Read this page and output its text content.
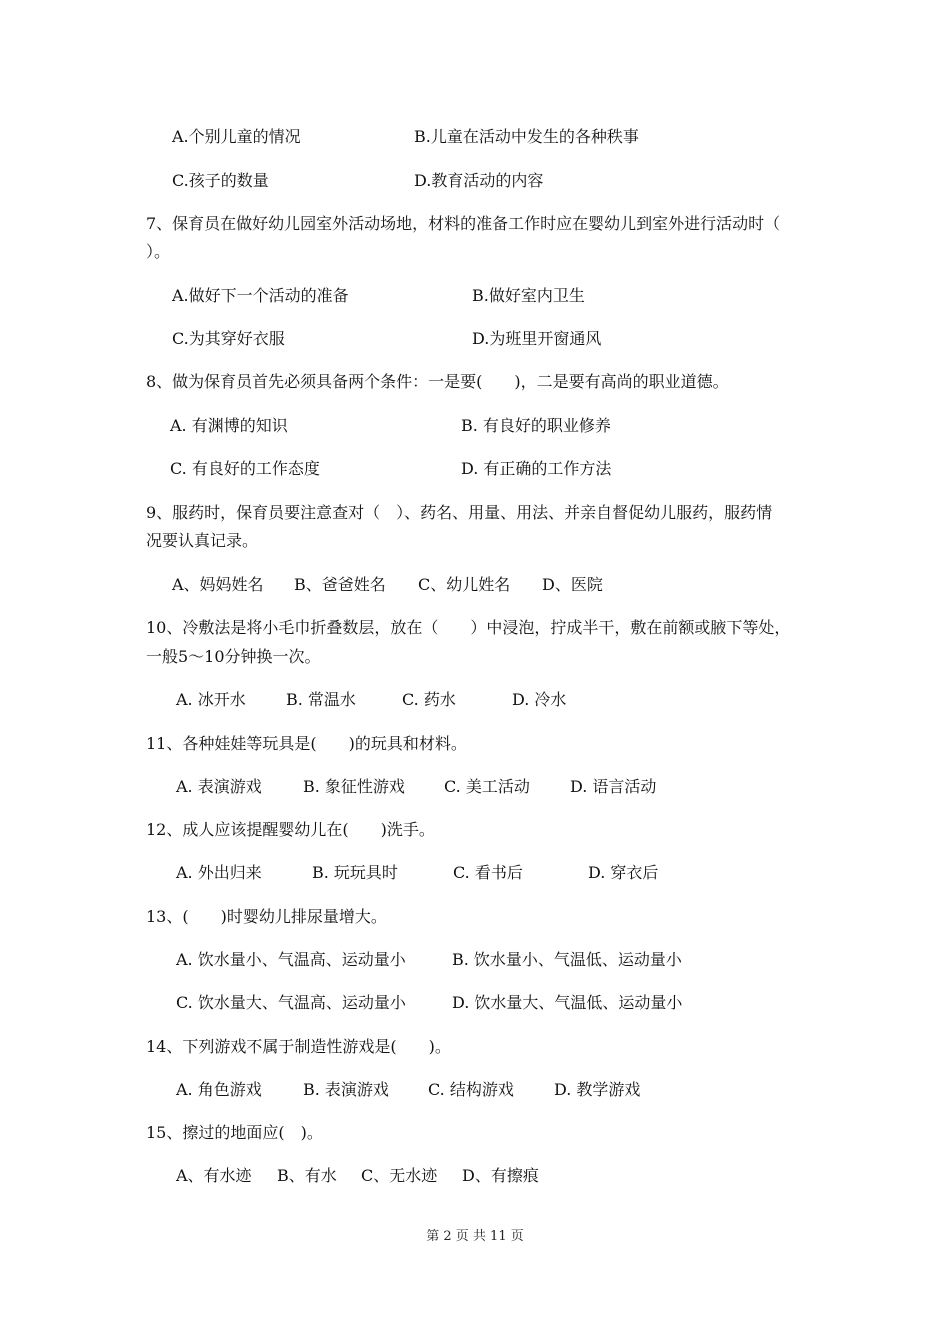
A.个别儿童的情况	B.儿童在活动中发生的各种秩事
C.孩子的数量	D.教育活动的内容
7、保育员在做好幼儿园室外活动场地，材料的准备工作时应在婴幼儿到室外进行活动时（
）。
A.做好下一个活动的准备	B.做好室内卫生
C.为其穿好衣服	D.为班里开窗通风
8、做为保育员首先必须具备两个条件：一是要(　　)，二是要有高尚的职业道德。
A. 有渊博的知识	B. 有良好的职业修养
C. 有良好的工作态度	D. 有正确的工作方法
9、服药时，保育员要注意查对（　）、药名、用量、用法、并亲自督促幼儿服药，服药情
况要认真记录。
A、妈妈姓名 B、爸爸姓名 C、幼儿姓名 D、医院
10、冷敷法是将小毛巾折叠数层，放在（　　）中浸泡，拧成半干，敷在前额或腋下等处，
一般5～10分钟换一次。
A. 冰开水	B. 常温水	C. 药水	D. 冷水
11、各种娃娃等玩具是(　　)的玩具和材料。
A. 表演游戏	B. 象征性游戏 C. 美工活动	D. 语言活动
12、成人应该提醒婴幼儿在(　　)洗手。
A. 外出归来	B. 玩玩具时	C. 看书后	D. 穿衣后
13、(　　)时婴幼儿排尿量增大。
A. 饮水量小、气温高、运动量小	B. 饮水量小、气温低、运动量小
C. 饮水量大、气温高、运动量小	D. 饮水量大、气温低、运动量小
14、下列游戏不属于制造性游戏是(　　)。
A. 角色游戏	B. 表演游戏 C. 结构游戏	D. 教学游戏
15、擦过的地面应(　)。
A、有水迹 B、有水 C、无水迹 D、有擦痕
第 2 页 共 11 页
